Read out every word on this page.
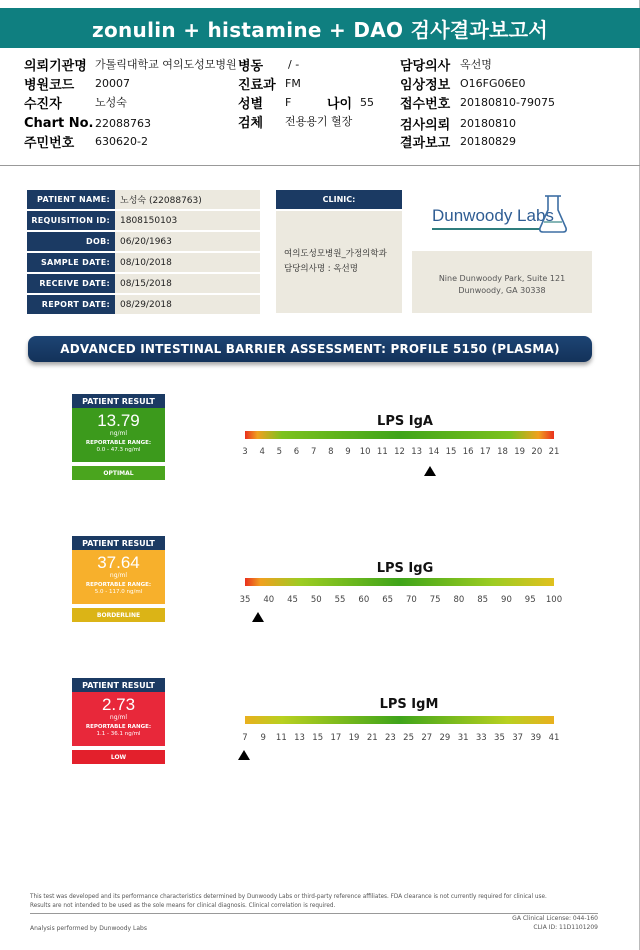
zonulin + histamine + DAO 검사결과보고서
의뢰기관명 가톨릭대학교 여의도성모병원
병원코드	20007
수진자	노성숙
Chart No. 22088763
주민번호	630620-2
병동	/ -
진료과 FM
성별	F	나이 55
검체	전용용기 혈장
담당의사 옥선명
임상정보 O16FG06E0
접수번호 20180810-79075
검사의뢰 20180810
결과보고 20180829
PATIENT NAME:	노성숙 (22088763)
REQUISITION ID:	1808150103
DOB:	06/20/1963
SAMPLE DATE:	08/10/2018
RECEIVE DATE:	08/15/2018
REPORT DATE:	08/29/2018
CLINIC:
여의도성모병원_가정의학과
담당의사명 : 옥선명
Dunwoody Labs
Nine Dunwoody Park, Suite 121
Dunwoody, GA 30338
ADVANCED INTESTINAL BARRIER ASSESSMENT: PROFILE 5150 (PLASMA)
PATIENT RESULT
13.79
ng/ml
REPORTABLE RANGE:
0.0 - 47.3 ng/ml
OPTIMAL
LPS IgA
3 4 5 6 7 8 9 10 11 12 13 14 15 16 17 18 19 20 21
PATIENT RESULT
37.64
ng/ml
REPORTABLE RANGE:
5.0 - 117.0 ng/ml
BORDERLINE
LPS IgG
35 40 45 50 55 60 65 70 75 80 85 90 95 100
PATIENT RESULT
2.73
ng/ml
REPORTABLE RANGE:
1.1 - 36.1 ng/ml
LOW
LPS IgM
7 9 11 13 15 17 19 21 23 25 27 29 31 33 35 37 39 41
This test was developed and its performance characteristics determined by Dunwoody Labs or third-party reference affiliates. FDA clearance is not currently required for clinical use.
Results are not intended to be used as the sole means for clinical diagnosis. Clinical correlation is required.
Analysis performed by Dunwoody Labs
GA Clinical License: 044-160
CLIA ID: 11D1101209
